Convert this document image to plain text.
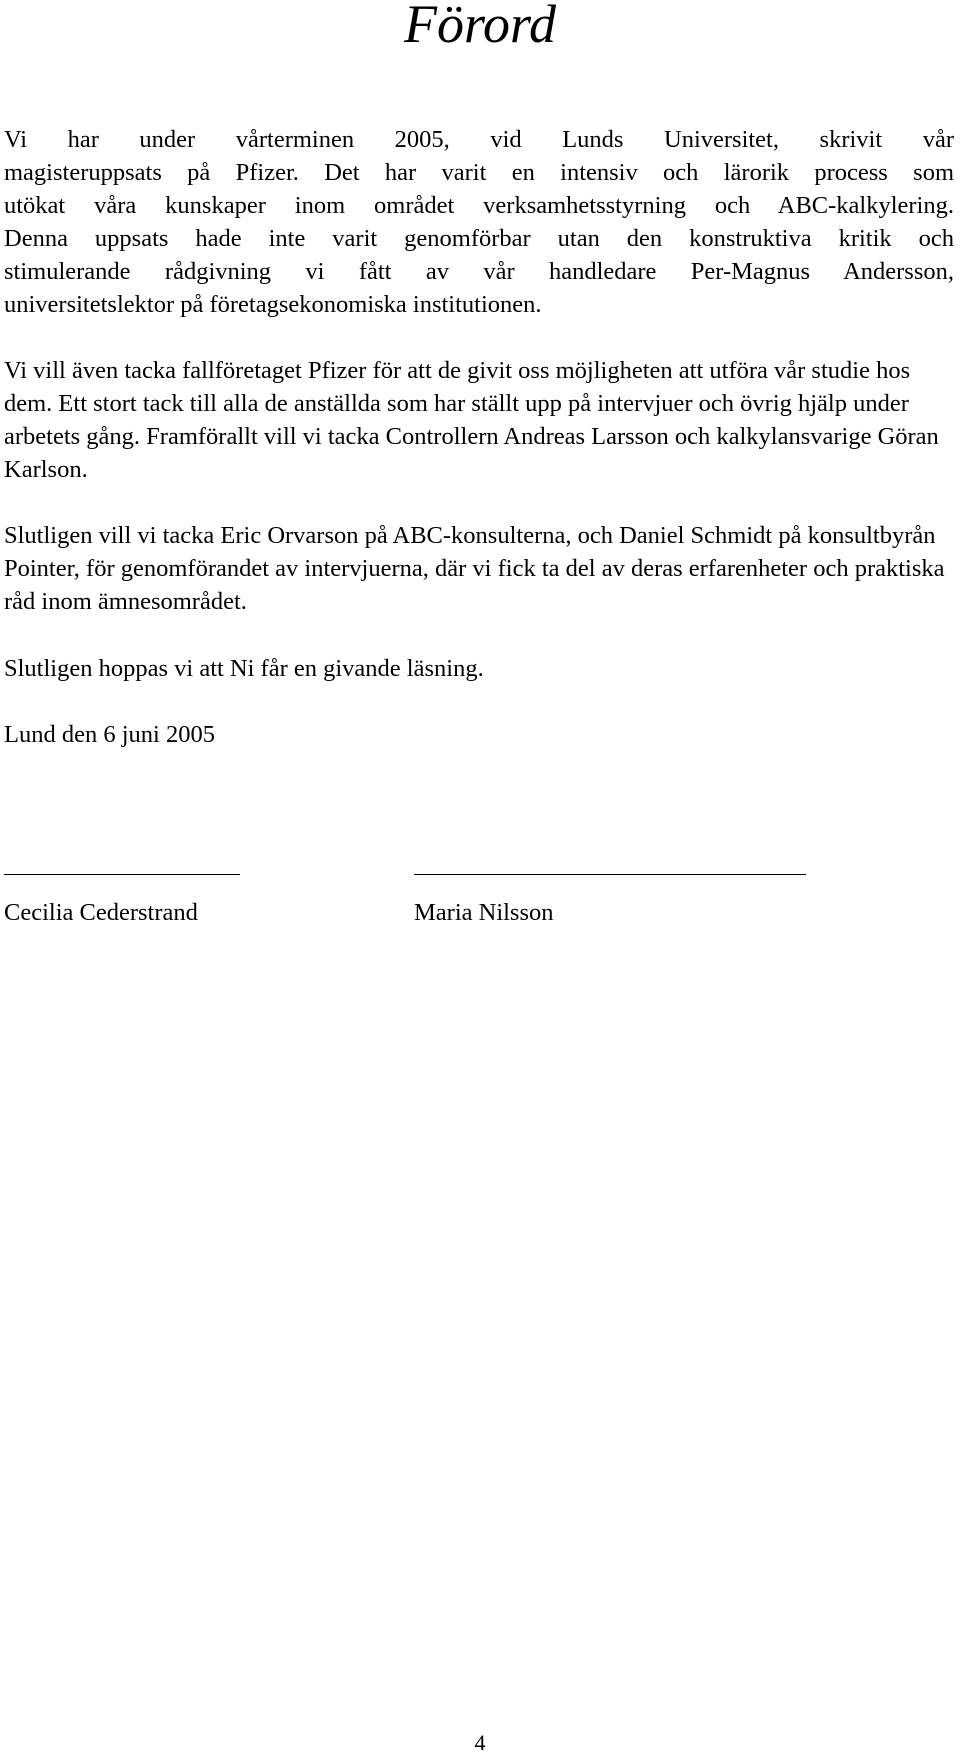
Förord

Vi har under vårterminen 2005, vid Lunds Universitet, skrivit vår
magisteruppsats på Pfizer. Det har varit en intensiv och lärorik process som
utökat våra kunskaper inom området verksamhetsstyrning och ABC-kalkylering.
Denna uppsats hade inte varit genomförbar utan den konstruktiva kritik och
stimulerande rådgivning vi fått av vår handledare Per-Magnus Andersson,
universitetslektor på företagsekonomiska institutionen.

Vi vill även tacka fallföretaget Pfizer för att de givit oss möjligheten att utföra vår studie hos dem. Ett stort tack till alla de anställda som har ställt upp på intervjuer och övrig hjälp under arbetets gång. Framförallt vill vi tacka Controllern Andreas Larsson och kalkylansvarige Göran Karlson.

Slutligen vill vi tacka Eric Orvarson på ABC-konsulterna, och Daniel Schmidt på konsultbyrån Pointer, för genomförandet av intervjuerna, där vi fick ta del av deras erfarenheter och praktiska råd inom ämnesområdet.

Slutligen hoppas vi att Ni får en givande läsning.

Lund den 6 juni 2005

Cecilia Cederstrand	Maria Nilsson

4
